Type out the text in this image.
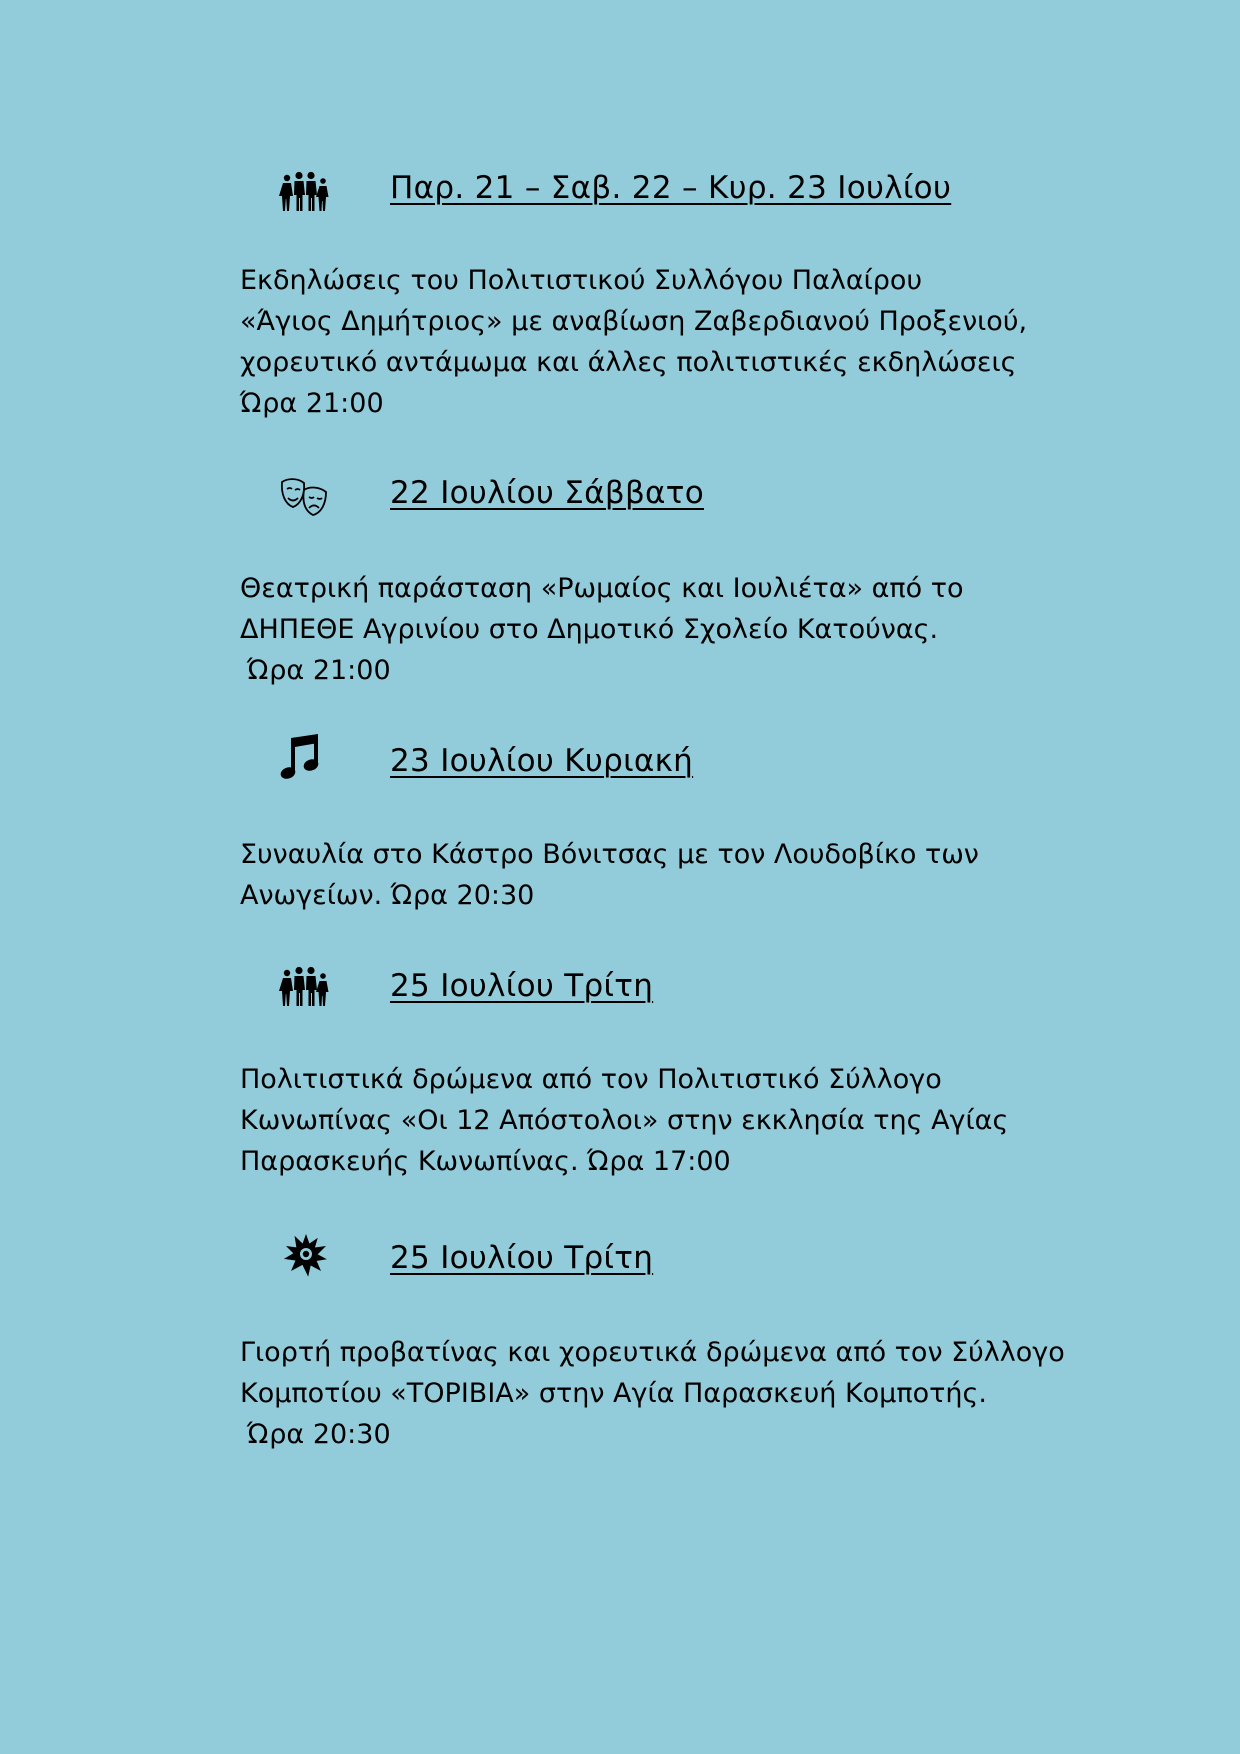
Παρ. 21 – Σαβ. 22 – Κυρ. 23 Ιουλίου

Εκδηλώσεις του Πολιτιστικού Συλλόγου Παλαίρου
«Άγιος Δημήτριος» με αναβίωση Ζαβερδιανού Προξενιού,
χορευτικό αντάμωμα και άλλες πολιτιστικές εκδηλώσεις
Ώρα 21:00

22 Ιουλίου Σάββατο

Θεατρική παράσταση «Ρωμαίος και Ιουλιέτα» από το
ΔΗΠΕΘΕ Αγρινίου στο Δημοτικό Σχολείο Κατούνας.
Ώρα 21:00

23 Ιουλίου Κυριακή

Συναυλία στο Κάστρο Βόνιτσας με τον Λουδοβίκο των
Ανωγείων. Ώρα 20:30

25 Ιουλίου Τρίτη

Πολιτιστικά δρώμενα από τον Πολιτιστικό Σύλλογο
Κωνωπίνας «Οι 12 Απόστολοι» στην εκκλησία της Αγίας
Παρασκευής Κωνωπίνας. Ώρα 17:00

25 Ιουλίου Τρίτη

Γιορτή προβατίνας και χορευτικά δρώμενα από τον Σύλλογο
Κομποτίου «ΤΟΡΙΒΙΑ» στην Αγία Παρασκευή Κομποτής.
Ώρα 20:30
